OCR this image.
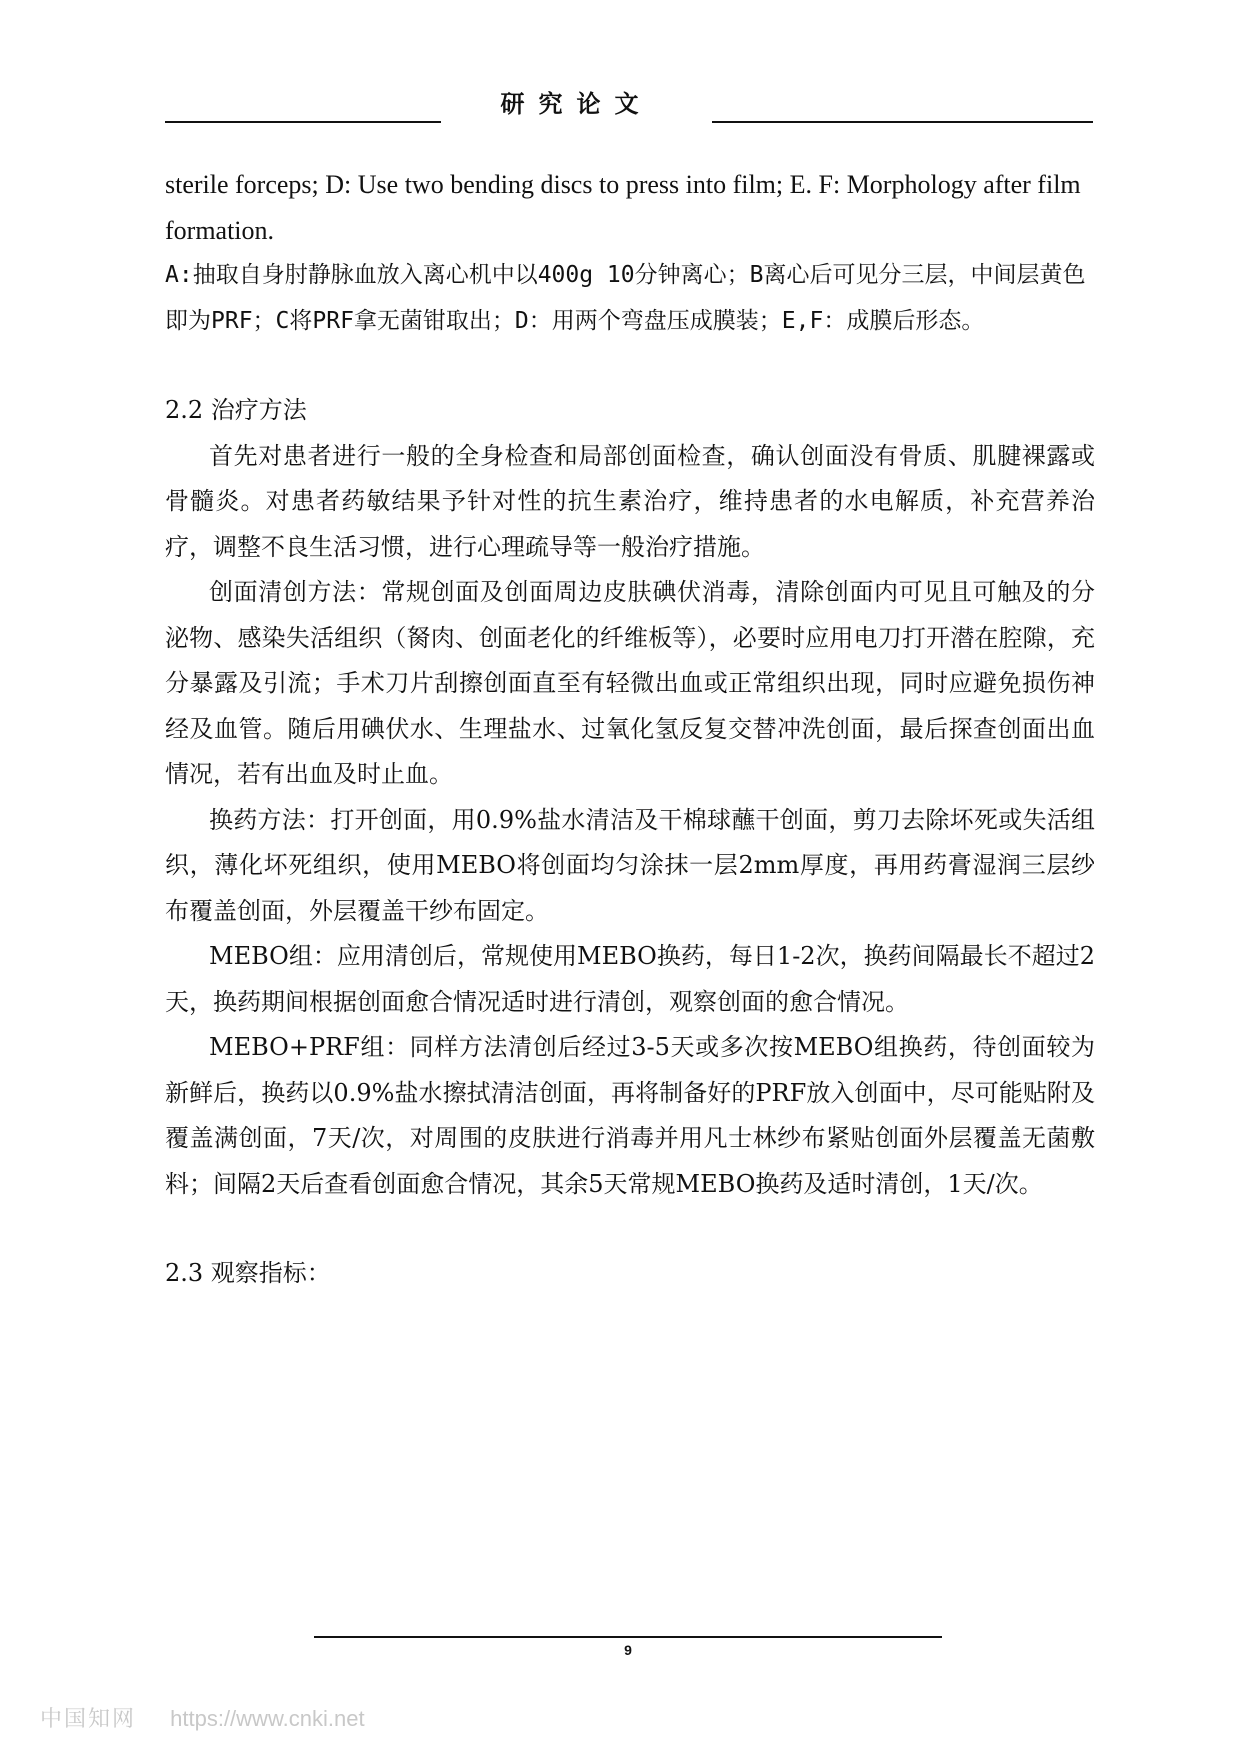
研究论文
sterile forceps; D: Use two bending discs to press into film; E. F: Morphology after film formation.
A:抽取自身肘静脉血放入离心机中以400g 10分钟离心；B离心后可见分三层，中间层黄色即为PRF；C将PRF拿无菌钳取出；D：用两个弯盘压成膜装；E,F：成膜后形态。
2.2 治疗方法
首先对患者进行一般的全身检查和局部创面检查，确认创面没有骨质、肌腱裸露或骨髓炎。对患者药敏结果予针对性的抗生素治疗，维持患者的水电解质，补充营养治疗，调整不良生活习惯，进行心理疏导等一般治疗措施。
创面清创方法：常规创面及创面周边皮肤碘伏消毒，清除创面内可见且可触及的分泌物、感染失活组织（胬肉、创面老化的纤维板等），必要时应用电刀打开潜在腔隙，充分暴露及引流；手术刀片刮擦创面直至有轻微出血或正常组织出现，同时应避免损伤神经及血管。随后用碘伏水、生理盐水、过氧化氢反复交替冲洗创面，最后探查创面出血情况，若有出血及时止血。
换药方法：打开创面，用0.9%盐水清洁及干棉球蘸干创面，剪刀去除坏死或失活组织，薄化坏死组织，使用MEBO将创面均匀涂抹一层2mm厚度，再用药膏湿润三层纱布覆盖创面，外层覆盖干纱布固定。
MEBO组：应用清创后，常规使用MEBO换药，每日1-2次，换药间隔最长不超过2天，换药期间根据创面愈合情况适时进行清创，观察创面的愈合情况。
MEBO+PRF组：同样方法清创后经过3-5天或多次按MEBO组换药，待创面较为新鲜后，换药以0.9%盐水擦拭清洁创面，再将制备好的PRF放入创面中，尽可能贴附及覆盖满创面，7天/次，对周围的皮肤进行消毒并用凡士林纱布紧贴创面外层覆盖无菌敷料；间隔2天后查看创面愈合情况，其余5天常规MEBO换药及适时清创，1天/次。
2.3 观察指标：
9
中国知网 https://www.cnki.net
